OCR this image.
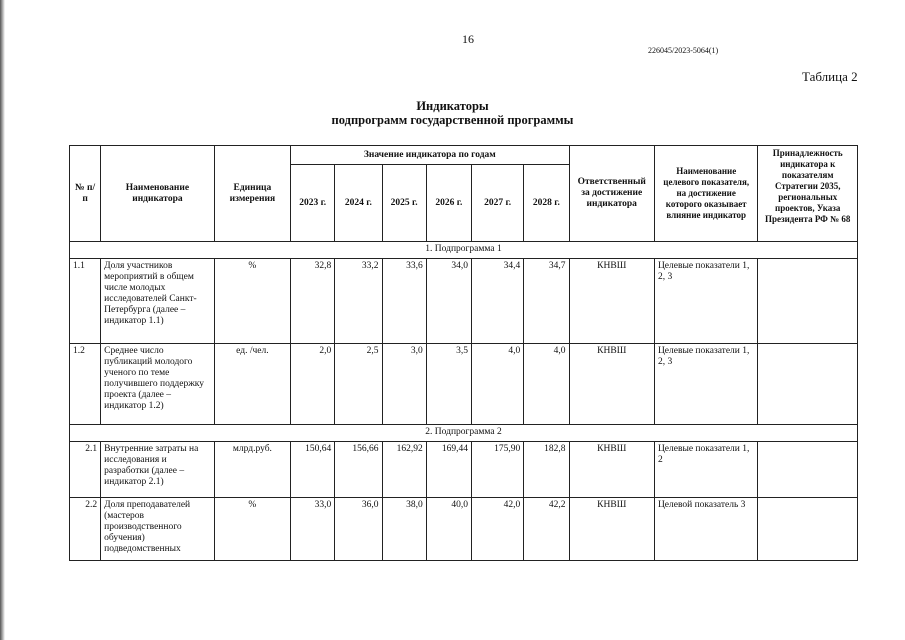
16
226045/2023-5064(1)
Таблица 2
Индикаторы
подпрограмм государственной программы
№ п/п	Наименование индикатора	Единица измерения	Значение индикатора по годам						Ответственный за достижение индикатора	Наименование целевого показателя, на достижение которого оказывает влияние индикатор	Принадлежность индикатора к показателям Стратегии 2035, региональных проектов, Указа Президента РФ № 68
			2023 г.	2024 г.	2025 г.	2026 г.	2027 г.	2028 г.			
1. Подпрограмма 1											
1.1	Доля участников мероприятий в общем числе молодых исследователей Санкт-Петербурга (далее – индикатор 1.1)	%	32,8	33,2	33,6	34,0	34,4	34,7	КНВШ	Целевые показатели 1, 2, 3	
1.2	Среднее число публикаций молодого ученого по теме получившего поддержку проекта (далее – индикатор 1.2)	ед. /чел.	2,0	2,5	3,0	3,5	4,0	4,0	КНВШ	Целевые показатели 1, 2, 3	
2. Подпрограмма 2											
2.1	Внутренние затраты на исследования и разработки (далее – индикатор 2.1)	млрд.руб.	150,64	156,66	162,92	169,44	175,90	182,8	КНВШ	Целевые показатели 1, 2	
2.2	Доля преподавателей (мастеров производственного обучения) подведомственных	%	33,0	36,0	38,0	40,0	42,0	42,2	КНВШ	Целевой показатель 3	
